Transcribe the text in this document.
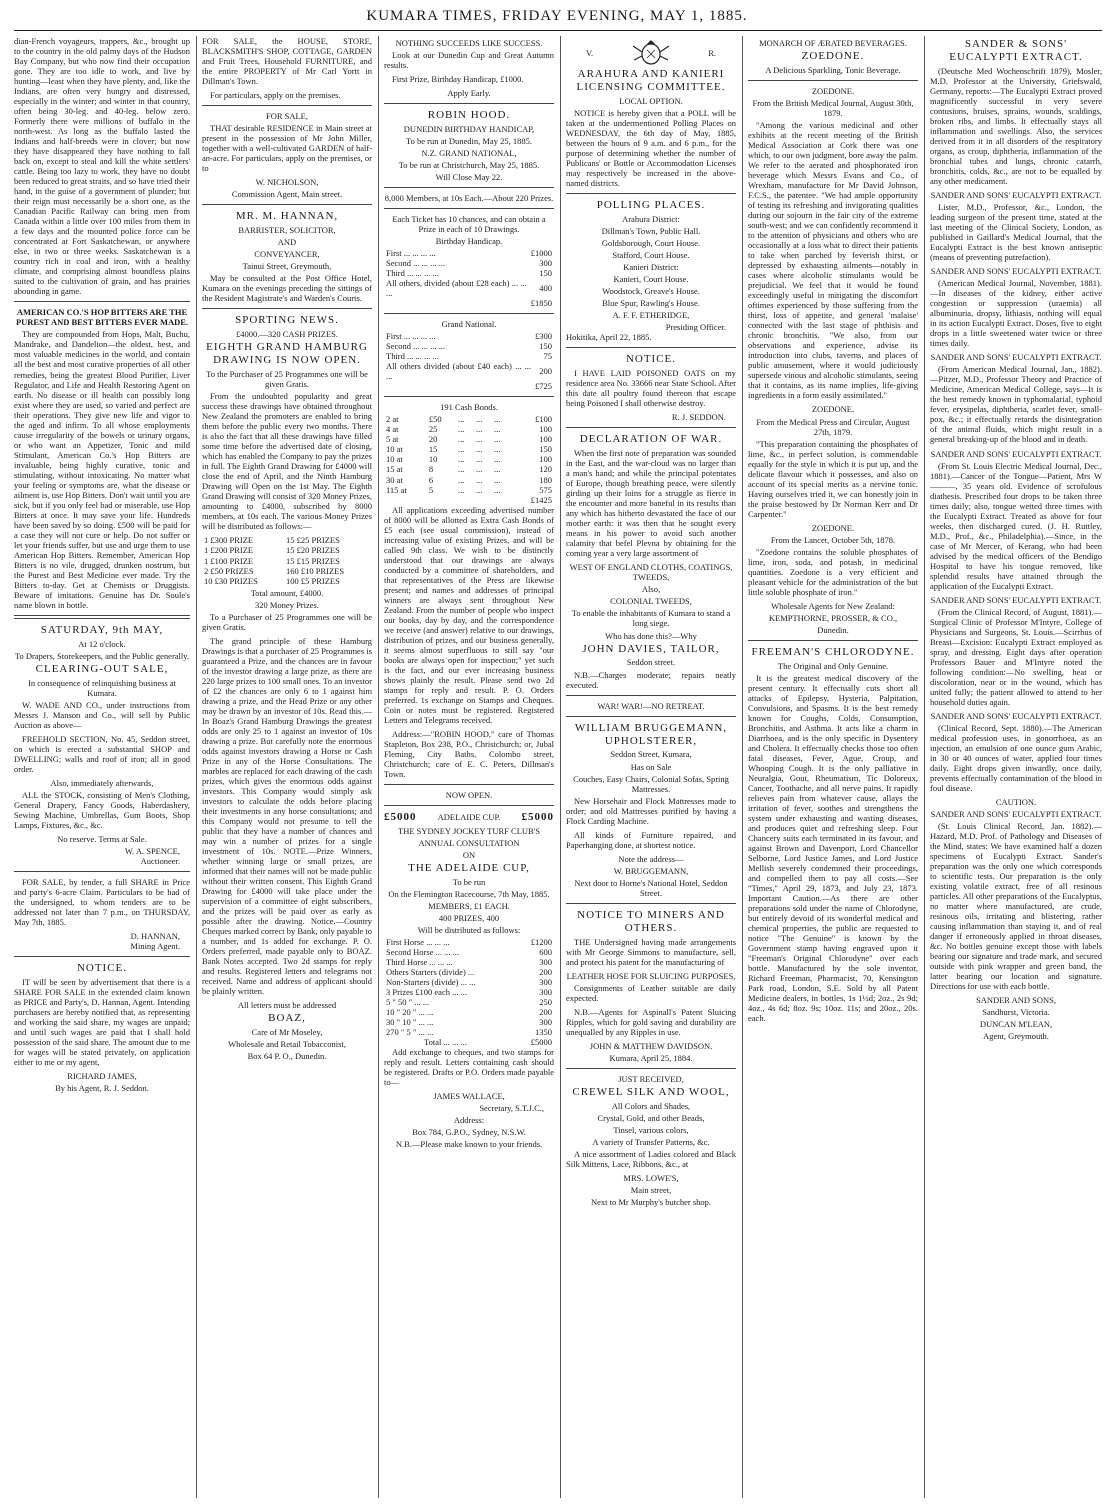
KUMARA TIMES, FRIDAY EVENING, MAY 1, 1885.

dian-French voyageurs, trappers, &c., brought up to the country in the old palmy days of the Hudson Bay Company, but who now find their occupation gone. They are too idle to work, and live by hunting—least when they have plenty, and, like the Indians, are often very hungry and distressed, especially in the winter; and winter in that country, often being 30-leg. and 40-leg. below zero. Formerly there were millions of buffalo in the north-west. As long as the buffalo lasted the Indians and half-breeds were in clover; but now they have disappeared they have nothing to fall back on, except to steal and kill the white settlers' cattle. Being too lazy to work, they have no doubt been reduced to great straits, and so have tried their hand, in the guise of a government of plunder; but their reign must necessarily be a short one, as the Canadian Pacific Railway can bring men from Canada within a little over 100 miles from them in a few days and the mounted police force can be concentrated at Fort Saskatchewan, or anywhere else, in two or three weeks. Saskatchewan is a country rich in coal and iron, with a healthy climate, and comprising almost boundless plains suited to the cultivation of grain, and has prairies abounding in game.

AMERICAN CO.'S HOP BITTERS ARE THE PUREST AND BEST BITTERS EVER MADE.

They are compounded from Hops, Malt, Buchu, Mandrake, and Dandelion—the oldest, best, and most valuable medicines in the world, and contain all the best and most curative properties of all other remedies, being the greatest Blood Purifier, Liver Regulator, and Life and Health Restoring Agent on earth. No disease or ill health can possibly long exist where they are used, so varied and perfect are their operations. They give new life and vigor to the aged and infirm. To all whose employments cause irregularity of the bowels or urinary organs, or who want an Appetizer, Tonic and mild Stimulant, American Co.'s Hop Bitters are invaluable, being highly curative, tonic and stimulating, without intoxicating. No matter what your feeling or symptoms are, what the disease or ailment is, use Hop Bitters. Don't wait until you are sick, but if you only feel bad or miserable, use Hop Bitters at once. It may save your life. Hundreds have been saved by so doing. £500 will be paid for a case they will not cure or help. Do not suffer or let your friends suffer, but use and urge them to use American Hop Bitters. Remember, American Hop Bitters is no vile, drugged, drunken nostrum, but the Purest and Best Medicine ever made. Try the Bitters to-day. Get at Chemists or Druggists. Beware of imitations. Genuine has Dr. Soule's name blown in bottle.

SATURDAY, 9th MAY,
At 12 o'clock.
To Drapers, Storekeepers, and the Public generally.
CLEARING-OUT SALE,
In consequence of relinquishing business at Kumara.

W. WADE AND CO., under instructions from Messrs J. Manson and Co., will sell by Public Auction as above—

FREEHOLD SECTION, No. 45, Seddon street, on which is erected a substantial SHOP and DWELLING; walls and roof of iron; all in good order.

Also, immediately afterwards,

ALL the STOCK, consisting of Men's Clothing, General Drapery, Fancy Goods, Haberdashery, Sewing Machine, Umbrellas, Gum Boots, Shop Lamps, Fixtures, &c., &c.

No reserve. Terms at Sale.
W. A. SPENCE,
Auctioneer.

FOR SALE, by tender, a full SHARE in Price and party's 6-acre Claim. Particulars to be had of the undersigned, to whom tenders are to be addressed not later than 7 p.m., on THURSDAY, May 7th, 1885.

D. HANNAN,
Mining Agent.
NOTICE.

IT will be seen by advertisement that there is a SHARE FOR SALE in the extended claim known as PRICE and Party's, D. Hannan, Agent. Intending purchasers are hereby notified that, as representing and working the said share, my wages are unpaid; and until such wages are paid that I shall hold possession of the said share. The amount due to me for wages will be stated privately, on application either to me or my agent,

RICHARD JAMES,
By his Agent, R. J. Seddon.

FOR SALE, the HOUSE, STORE, BLACKSMITH'S SHOP, COTTAGE, GARDEN and Fruit Trees, Household FURNITURE, and the entire PROPERTY of Mr Carl Yortt in Dillman's Town.

For particulars, apply on the premises.

FOR SALE,

THAT desirable RESIDENCE in Main street at present in the possession of Mr John Miller, together with a well-cultivated GARDEN of half-an-acre. For particulars, apply on the premises, or to

W. NICHOLSON,
Commission Agent, Main street.
MR. M. HANNAN,
BARRISTER, SOLICITOR,
AND
CONVEYANCER,
Tainui Street, Greymouth,

May be consulted at the Post Office Hotel, Kumara on the evenings preceding the sittings of the Resident Magistrate's and Warden's Courts.

SPORTING NEWS.
£4000.—320 CASH PRIZES.
EIGHTH GRAND HAMBURG DRAWING IS NOW OPEN.
To the Purchaser of 25 Programmes one will be given Gratis.

From the undoubted popularity and great success these drawings have obtained throughout New Zealand the promoters are enabled to bring them before the public every two months. There is also the fact that all these drawings have filled some time before the advertised date of closing, which has enabled the Company to pay the prizes in full. The Eighth Grand Drawing for £4000 will close the end of April, and the Ninth Hamburg Drawing will Open on the 1st May. The Eighth Grand Drawing will consist of 320 Money Prizes, amounting to £4000, subscribed by 8000 members, at 10s each. The various Money Prizes will be distributed as follows:—

1 £300 PRIZE	15 £25 PRIZES
1 £200 PRIZE	15 £20 PRIZES
1 £100 PRIZE	15 £15 PRIZES
2 £50 PRIZES	160 £10 PRIZES
10 £30 PRIZES	100 £5 PRIZES
Total amount, £4000.
320 Money Prizes.

To a Purchaser of 25 Programmes one will be given Gratis.

The grand principle of these Hamburg Drawings is that a purchaser of 25 Programmes is guaranteed a Prize, and the chances are in favour of the investor drawing a large prize, as there are 220 large prizes to 100 small ones. To an investor of £2 the chances are only 6 to 1 against him drawing a prize, and the Head Prize or any other may be drawn by an investor of 10s. Read this.—In Boaz's Grand Hamburg Drawings the greatest odds are only 25 to 1 against an investor of 10s drawing a prize. But carefully note the enormous odds against investors drawing a Horse or Cash Prize in any of the Horse Consultations. The marbles are replaced for each drawing of the cash prizes, which gives the enormous odds against investors. This Company would simply ask investors to calculate the odds before placing their investments in any horse consultations; and this Company would not presume to tell the public that they have a number of chances and may win a number of prizes for a single investment of 10s. NOTE.—Prize Winners, whether winning large or small prizes, are informed that their names will not be made public without their written consent. This Eighth Grand Drawing for £4000 will take place under the supervision of a committee of eight subscribers, and the prizes will be paid over as early as possible after the drawing. Notice.—Country Cheques marked correct by Bank, only payable to a number, and 1s added for exchange. P. O. Orders preferred, made payable only to BOAZ. Bank Notes accepted. Two 2d stamps for reply and results. Registered letters and telegrams not received. Name and address of applicant should be plainly written.

All letters must be addressed
BOAZ,
Care of Mr Moseley,
Wholesale and Retail Tobacconist,
Box 64 P. O., Dunedin.
NOTHING SUCCEEDS LIKE SUCCESS.

Look at our Dunedin Cup and Great Autumn results.

First Prize, Birthday Handicap, £1000.

Apply Early.
ROBIN HOOD.
DUNEDIN BIRTHDAY HANDICAP,
To be run at Dunedin, May 25, 1885.
N.Z. GRAND NATIONAL,
To be run at Christchurch, May 25, 1885.
Will Close May 22.
8,000 Members, at 10s Each.—About 220 Prizes.
Each Ticket has 10 chances, and can obtain a Prize in each of 10 Drawings.
Birthday Handicap.
First ... ... ... ...	£1000
Second ... ... ... ...	300
Third ... ... ... ...	150
All others, divided (about £28 each) ... ... ...	400
	£1850
Grand National.
First ... ... ... ...	£300
Second ... ... ... ...	150
Third ... ... ... ...	75
All others divided (about £40 each) ... ... ...	200
	£725
191 Cash Bonds.
2 at	£50	...	...	...	£100
4 at	25	...	...	...	100
5 at	20	...	...	...	100
10 at	15	...	...	...	150
10 at	10	...	...	...	100
15 at	8	...	...	...	120
30 at	6	...	...	...	180
115 at	5	...	...	...	575
					£1425

All applications exceeding advertised number of 8000 will be allotted as Extra Cash Bonds of £5 each (see usual commission), instead of increasing value of existing Prizes, and will be called 9th class. We wish to be distinctly understood that our drawings are always conducted by a committee of shareholders, and that representatives of the Press are likewise present; and names and addresses of principal winners are always sent throughout New Zealand. From the number of people who inspect our books, day by day, and the correspondence we receive (and answer) relative to our drawings, distribution of prizes, and our business generally, it seems almost superfluous to still say "our books are always open for inspection;" yet such is the fact, and our ever increasing business shows plainly the result. Please send two 2d stamps for reply and result. P. O. Orders preferred. 1s exchange on Stamps and Cheques. Coin or notes must be registered. Registered Letters and Telegrams received.

Address:—"ROBIN HOOD," care of Thomas Stapleton, Box 238, P.O., Christchurch; or, Jubal Fleming, City Baths, Colombo street, Christchurch; care of E. C. Peters, Dillman's Town.

NOW OPEN.
£5000 ADELAIDE CUP. £5000
THE SYDNEY JOCKEY TURF CLUB'S
ANNUAL CONSULTATION
ON
THE ADELAIDE CUP,
To be run
On the Flemington Racecourse, 7th May, 1885.
MEMBERS, £1 EACH.
400 PRIZES, 400
Will be distributed as follows:
First Horse ... ... ...	£1200
Second Horse ... ... ...	600
Third Horse ... ... ...	300
Others Starters (divide) ...	200
Non-Starters (divide) ... ...	300
3 Prizes £100 each ... ...	300
5 " 50 " ... ...	250
10 " 20 " ... ...	200
30 " 10 " ... ...	300
270 " 5 " ... ...	1350
Total ... ... ...	£5000

Add exchange to cheques, and two stamps for reply and result. Letters containing cash should be registered. Drafts or P.O. Orders made payable to—

JAMES WALLACE,
Secretary, S.T.J.C.,
Address:
Box 784, G.P.O., Sydney, N.S.W.
N.B.—Please make known to your friends.
V.	R.
ARAHURA AND KANIERI LICENSING COMMITTEE.
LOCAL OPTION.

NOTICE is hereby given that a POLL will be taken at the undermentioned Polling Places on WEDNESDAY, the 6th day of May, 1885, between the hours of 9 a.m. and 6 p.m., for the purpose of determining whether the number of Publicans' or Bottle or Accommodation Licenses may respectively be increased in the above-named districts.

POLLING PLACES.
Arahura District:
Dillman's Town, Public Hall.
Goldsborough, Court House.
Stafford, Court House.
Kanieri District:
Kanieri, Court House.
Woodstock, Greave's House.
Blue Spur, Rawling's House.
A. F. F. ETHERIDGE,
Presiding Officer.
Hokitika, April 22, 1885.
NOTICE.

I HAVE LAID POISONED OATS on my residence area No. 33666 near State School. After this date all poultry found thereon that escape being Poisoned I shall otherwise destroy.

R. J. SEDDON.
DECLARATION OF WAR.

When the first note of preparation was sounded in the East, and the war-cloud was no larger than a man's hand; and while the principal potentates of Europe, though breathing peace, were silently girding up their loins for a struggle as fierce in the encounter and more baneful in its results than any which has hitherto devastated the face of our mother earth: it was then that he sought every means in his power to avoid such another calamity that befel Plevna by obtaining for the coming year a very large assortment of

WEST OF ENGLAND CLOTHS, COATINGS, TWEEDS,
Also,
COLONIAL TWEEDS,
To enable the inhabitants of Kumara to stand a long siege.
Who has done this?—Why
JOHN DAVIES, TAILOR,
Seddon street.

N.B.—Charges moderate; repairs neatly executed.

WAR! WAR!—NO RETREAT.
WILLIAM BRUGGEMANN, UPHOLSTERER,
Seddon Street, Kumara,
Has on Sale
Couches, Easy Chairs, Colonial Sofas, Spring Mattresses.

New Horsehair and Flock Mattresses made to order; and old Mattresses purified by having a Flock Carding Machine.

All kinds of Furniture repaired, and Paperhanging done, at shortest notice.

Note the address—
W. BRUGGEMANN,
Next door to Horne's National Hotel, Seddon Street.
NOTICE TO MINERS AND OTHERS.

THE Undersigned having made arrangements with Mr George Simmons to manufacture, sell, and protect his patent for the manufacturing of

LEATHER HOSE FOR SLUICING PURPOSES,

Consignments of Leather suitable are daily expected.

N.B.—Agents for Aspinall's Patent Sluicing Ripples, which for gold saving and durability are unequalled by any Ripples in use.

JOHN & MATTHEW DAVIDSON.
Kumara, April 25, 1884.
JUST RECEIVED,
CREWEL SILK AND WOOL,
All Colors and Shades,
Crystal, Gold, and other Beads,
Tinsel, various colors,
A variety of Transfer Patterns, &c.

A nice assortment of Ladies colored and Black Silk Mittens, Lace, Ribbons, &c., at

MRS. LOWE'S,
Main street,
Next to Mr Murphy's butcher shop.
MONARCH OF ÆRATED BEVERAGES.
ZOEDONE.
A Delicious Sparkling, Tonic Beverage.
ZOEDONE.
From the British Medical Journal, August 30th, 1879.

"Among the various medicinal and other exhibits at the recent meeting of the British Medical Association at Cork there was one which, to our own judgment, bore away the palm. We refer to the aerated and phosphorated iron beverage which Messrs Evans and Co., of Wrexham, manufacture for Mr David Johnson, F.C.S., the patentee. "We had ample opportunity of testing its refreshing and invigorating qualities during our sojourn in the fair city of the extreme south-west; and we can confidently recommend it to the attention of physicians and others who are occasionally at a loss what to direct their patients to take when parched by feverish thirst, or depressed by exhausting ailments—notably in cases where alcoholic stimulants would be prejudicial. We feel that it would be found exceedingly useful in mitigating the discomfort oftimes experienced by those suffering from the thirst, loss of appetite, and general 'malaise' connected with the last stage of phthisis and chronic bronchitis. "We also, from our observations and experience, advise its introduction into clubs, taverns, and places of public amusement, where it would judiciously supersede vinous and alcoholic stimulants, seeing that it contains, as its name implies, life-giving ingredients in a form easily assimilated."

ZOEDONE.
From the Medical Press and Circular, August 27th, 1879.

"This preparation containing the phosphates of lime, &c., in perfect solution, is commendable equally for the style in which it is put up, and the delicate flavour which it possesses, and also on account of its special merits as a nervine tonic. Having ourselves tried it, we can honestly join in the praise bestowed by Dr Norman Kerr and Dr Carpenter."

ZOEDONE.
From the Lancet, October 5th, 1878.

"Zoedone contains the soluble phosphates of lime, iron, soda, and potash, in medicinal quantities. Zoedone is a very efficient and pleasant vehicle for the administration of the but little soluble phosphate of iron."

Wholesale Agents for New Zealand:
KEMPTHORNE, PROSSER, & CO.,
Dunedin.
FREEMAN'S CHLORODYNE.
The Original and Only Genuine.

It is the greatest medical discovery of the present century. It effectually cuts short all attacks of Epilepsy, Hysteria, Palpitation, Convulsions, and Spasms. It is the best remedy known for Coughs, Colds, Consumption, Bronchitis, and Asthma. It acts like a charm in Diarrhoea, and is the only specific in Dysentery and Cholera. It effectually checks those too often fatal diseases, Fever, Ague, Croup, and Whooping Cough. It is the only palliative in Neuralgia, Gout, Rheumatism, Tic Doloreux, Cancer, Toothache, and all nerve pains. It rapidly relieves pain from whatever cause, allays the irritation of fever, soothes and strengthens the system under exhausting and wasting diseases, and produces quiet and refreshing sleep. Four Chancery suits each terminated in its favour, and against Brown and Davenport, Lord Chancellor Selborne, Lord Justice James, and Lord Justice Mellish severely condemned their proceedings, and compelled them to pay all costs.—See "Times," April 29, 1873, and July 23, 1873. Important Caution.—As there are other preparations sold under the name of Chlorodyne, but entirely devoid of its wonderful medical and chemical properties, the public are requested to notice "The Genuine" is known by the Government stamp having engraved upon it "Freeman's Original Chlorodyne" over each bottle. Manufactured by the sole inventor, Richard Freeman, Pharmacist, 70, Kensington Park road, London, S.E. Sold by all Patent Medicine dealers, in bottles, 1s 1½d; 2oz., 2s 9d; 4oz., 4s 6d; 8oz. 9s; 10oz. 11s; and 20oz., 20s. each.

SANDER & SONS' EUCALYPTI EXTRACT.

(Deutsche Med Wochenschrift 1879), Mosler, M.D. Professor at the University, Griefswald, Germany, reports:—The Eucalypti Extract proved magnificently successful in very severe contusions, bruises, sprains, wounds, scaldings, broken ribs, and limbs. It effectually stays all inflammation and swellings. Also, the services derived from it in all disorders of the respiratory organs, as croup, diphtheria, inflammation of the bronchial tubes and lungs, chronic catarrh, bronchitis, colds, &c., are not to be equalled by any other medicament.

SANDER AND SONS' EUCALYPTI EXTRACT.

Lister, M.D., Professor, &c., London, the leading surgeon of the present time, stated at the last meeting of the Clinical Society, London, as published in Gaillard's Medical Journal, that the Eucalypti Extract is the best known antiseptic (means of preventing putrefaction).

SANDER AND SONS' EUCALYPTI EXTRACT.

(American Medical Journal, November, 1881).—In diseases of the kidney, either active congestion or suppression (uraemia) all albuminuria, dropsy, lithiasis, nothing will equal in its action Eucalypti Extract. Doses, five to eight drops in a little sweetened water twice or three times daily.

SANDER AND SONS' EUCALYPTI EXTRACT.

(From American Medical Journal, Jan., 1882).—Pitzer, M.D., Professor Theory and Practice of Medicine, American Medical College, says—It is the best remedy known in typhomalarial, typhoid fever, erysipelas, diphtheria, scarlet fever, small-pox, &c.; it effectually retards the disintegration of the animal fluids, which might result in a general breaking-up of the blood and in death.

SANDER AND SONS' EUCALYPTI EXTRACT.

(From St. Louis Electric Medical Journal, Dec., 1881).—Cancer of the Tongue—Patient, Mrs W———, 35 years old. Evidence of scrofulous diathesis. Prescribed four drops to be taken three times daily; also, tongue wetted three times with the Eucalypti Extract. Treated as above for four weeks, then discharged cured. (J. H. Ruttley, M.D., Prof., &c., Philadelphia).—Since, in the case of Mr Mercer, of Kerang, who had been advised by the medical officers of the Bendigo Hospital to have his tongue removed, like splendid results have attained through the application of the Eucalypti Extract.

SANDER AND SONS' EUCALYPTI EXTRACT.

(From the Clinical Record, of August, 1881).—Surgical Clinic of Professor M'Intyre, College of Physicians and Surgeons, St. Louis.—Scirrhus of Breast—Excision: Eucalypti Extract employed as spray, and dressing. Eight days after operation Professors Bauer and M'Intyre noted the following condition:—No swelling, heat or discoloration, near or in the wound, which has united fully; the patient allowed to attend to her household duties again.

SANDER AND SONS' EUCALYPTI EXTRACT.

(Clinical Record, Sept. 1880).—The American medical profession uses, in gonorrhoea, as an injection, an emulsion of one ounce gum Arabic, in 30 or 40 ounces of water, applied four times daily. Eight drops given inwardly, once daily, prevents effectually contamination of the blood in foul disease.

CAUTION.
SANDER AND SONS' EUCALYPTI EXTRACT.

(St. Louis Clinical Record, Jan. 1882).—Hazard, M.D. Prof. of Pathology and Diseases of the Mind, states: We have examined half a dozen specimens of Eucalypti Extract. Sander's preparation was the only one which corresponds to scientific tests. Our preparation is the only existing volatile extract, free of all resinous particles. All other preparations of the Eucalyptus, no matter where manufactured, are crude, resinous oils, irritating and blistering, rather causing inflammation than staying it, and of real danger if erroneously applied in throat diseases, &c. No bottles genuine except those with labels bearing our signature and trade mark, and secured outside with pink wrapper and green band, the latter bearing our location and signature. Directions for use with each bottle.

SANDER AND SONS,
Sandhurst, Victoria.
DUNCAN M'LEAN,
Agent, Greymouth.
